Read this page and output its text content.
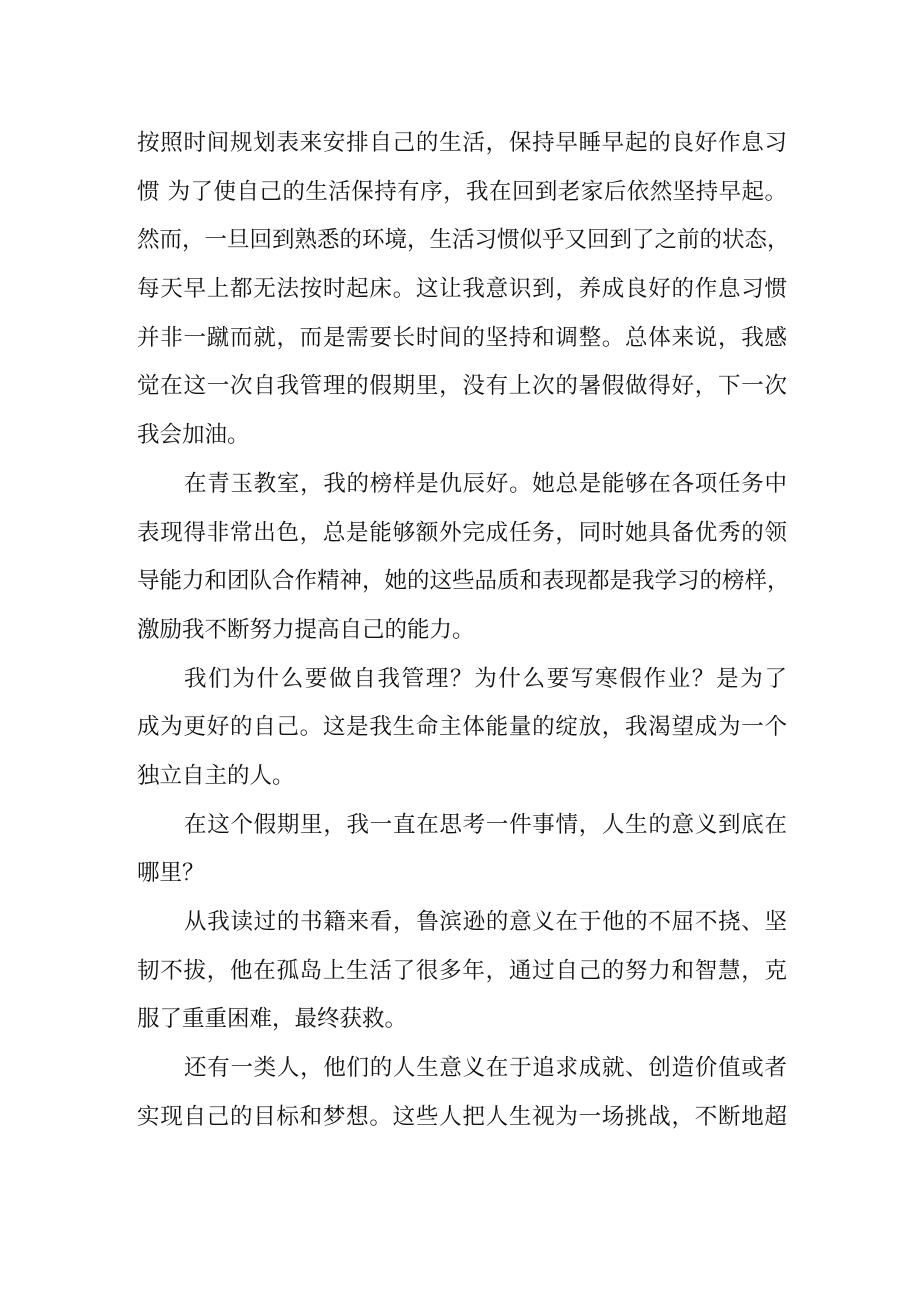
按照时间规划表来安排自己的生活，保持早睡早起的良好作息习
惯 为了使自己的生活保持有序，我在回到老家后依然坚持早起。
然而，一旦回到熟悉的环境，生活习惯似乎又回到了之前的状态，
每天早上都无法按时起床。这让我意识到，养成良好的作息习惯
并非一蹴而就，而是需要长时间的坚持和调整。总体来说，我感
觉在这一次自我管理的假期里，没有上次的暑假做得好，下一次
我会加油。

在青玉教室，我的榜样是仇辰好。她总是能够在各项任务中
表现得非常出色，总是能够额外完成任务，同时她具备优秀的领
导能力和团队合作精神，她的这些品质和表现都是我学习的榜样，
激励我不断努力提高自己的能力。

我们为什么要做自我管理？为什么要写寒假作业？是为了
成为更好的自己。这是我生命主体能量的绽放，我渴望成为一个
独立自主的人。

在这个假期里，我一直在思考一件事情，人生的意义到底在
哪里？

从我读过的书籍来看，鲁滨逊的意义在于他的不屈不挠、坚
韧不拔，他在孤岛上生活了很多年，通过自己的努力和智慧，克
服了重重困难，最终获救。

还有一类人，他们的人生意义在于追求成就、创造价值或者
实现自己的目标和梦想。这些人把人生视为一场挑战，不断地超
